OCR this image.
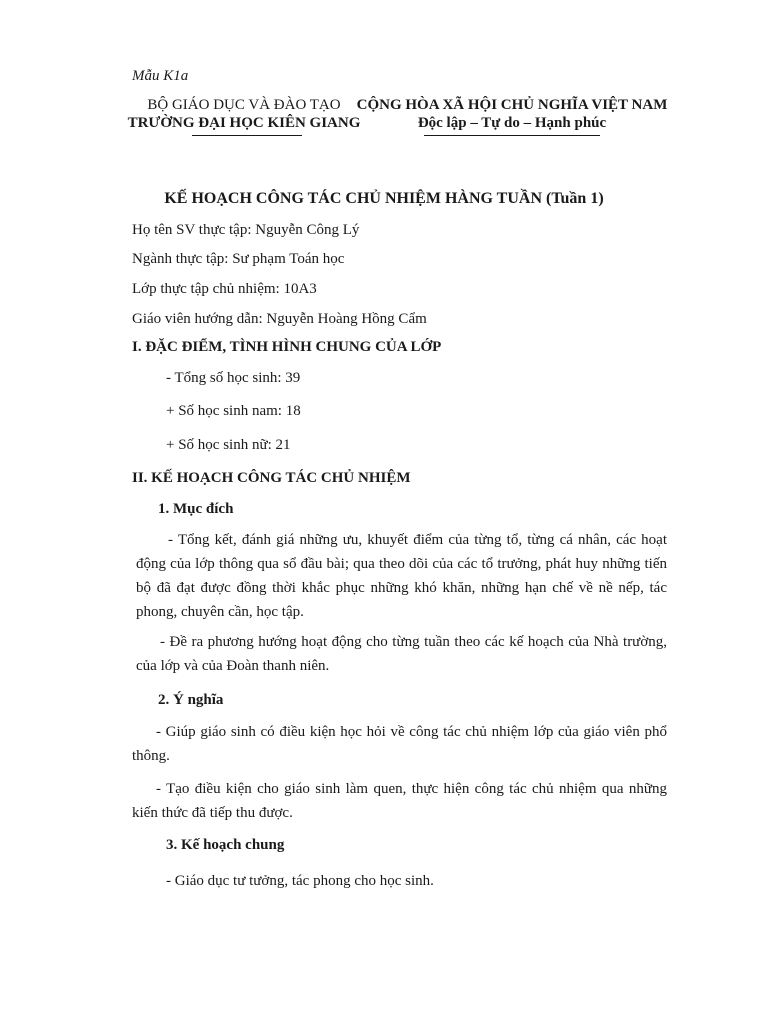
Mẫu K1a
BỘ GIÁO DỤC VÀ ĐÀO TẠO
TRƯỜNG ĐẠI HỌC KIÊN GIANG
CỘNG HÒA XÃ HỘI CHỦ NGHĨA VIỆT NAM
Độc lập – Tự do – Hạnh phúc
KẾ HOẠCH CÔNG TÁC CHỦ NHIỆM HÀNG TUẦN (Tuần 1)
Họ tên SV thực tập: Nguyễn Công Lý
Ngành thực tập: Sư phạm Toán học
Lớp thực tập chủ nhiệm: 10A3
Giáo viên hướng dẫn: Nguyễn Hoàng Hồng Cẩm
I. ĐẶC ĐIỂM, TÌNH HÌNH CHUNG CỦA LỚP
- Tổng số học sinh: 39
+ Số học sinh nam: 18
+ Số học sinh nữ: 21
II. KẾ HOẠCH CÔNG TÁC CHỦ NHIỆM
1. Mục đích
- Tổng kết, đánh giá những ưu, khuyết điểm của từng tổ, từng cá nhân, các hoạt động của lớp thông qua sổ đầu bài; qua theo dõi của các tổ trưởng, phát huy những tiến bộ đã đạt được đồng thời khắc phục những khó khăn, những hạn chế về nề nếp, tác phong, chuyên cần, học tập.
- Đề ra phương hướng hoạt động cho từng tuần theo các kế hoạch của Nhà trường, của lớp và của Đoàn thanh niên.
2. Ý nghĩa
- Giúp giáo sinh có điều kiện học hỏi về công tác chủ nhiệm lớp của giáo viên phổ thông.
- Tạo điều kiện cho giáo sinh làm quen, thực hiện công tác chủ nhiệm qua những kiến thức đã tiếp thu được.
3. Kế hoạch chung
- Giáo dục tư tưởng, tác phong cho học sinh.
